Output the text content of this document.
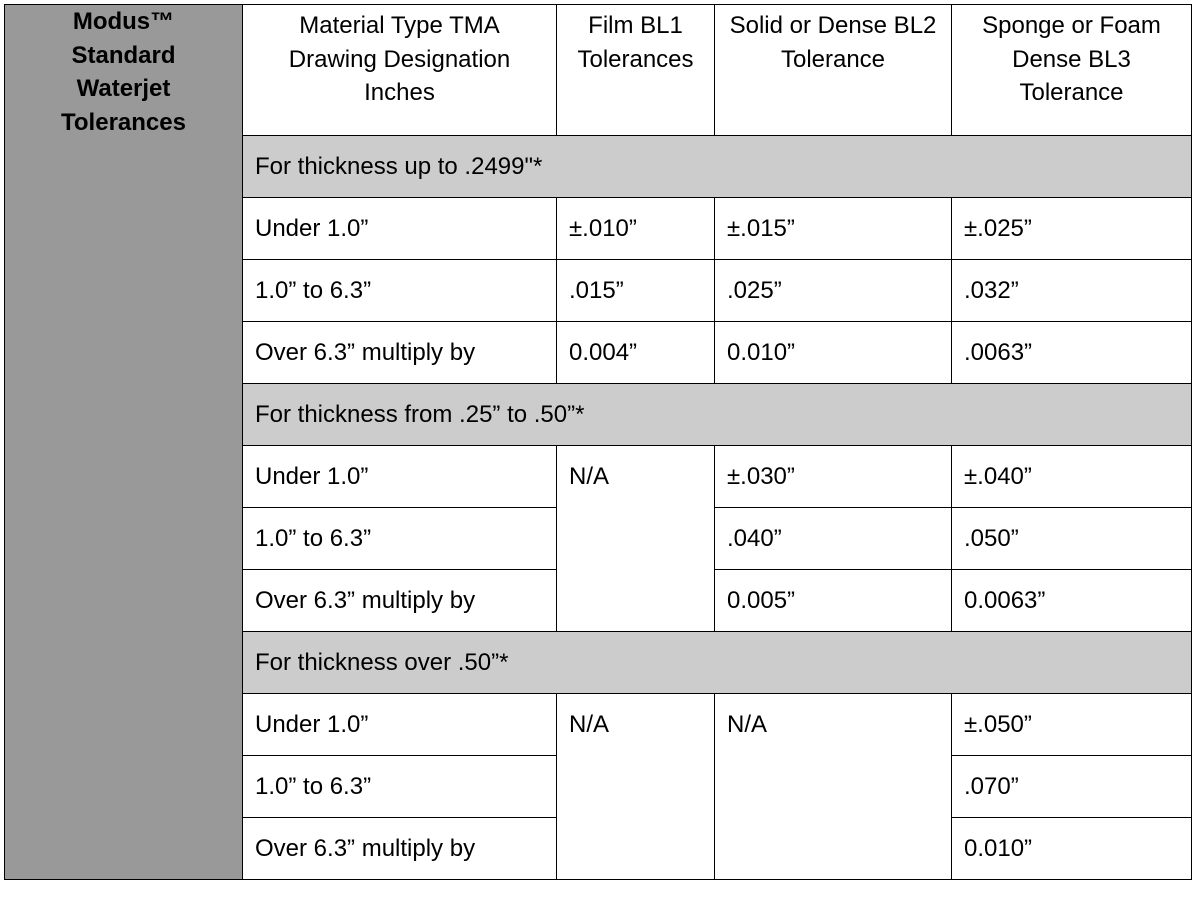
Modus™ Standard Waterjet Tolerances	Material Type TMA Drawing Designation Inches	Film BL1 Tolerances	Solid or Dense BL2 Tolerance	Sponge or Foam Dense BL3 Tolerance
	For thickness up to .2499"*			
	Under 1.0”	±.010”	±.015”	±.025”
	1.0” to 6.3”	.015”	.025”	.032”
	Over 6.3” multiply by	0.004”	0.010”	.0063”
	For thickness from .25” to .50”*			
	Under 1.0”	N/A	±.030”	±.040”
	1.0” to 6.3”		.040”	.050”
	Over 6.3” multiply by		0.005”	0.0063”
	For thickness over .50”*			
	Under 1.0”	N/A	N/A	±.050”
	1.0” to 6.3”			.070”
	Over 6.3” multiply by			0.010”
